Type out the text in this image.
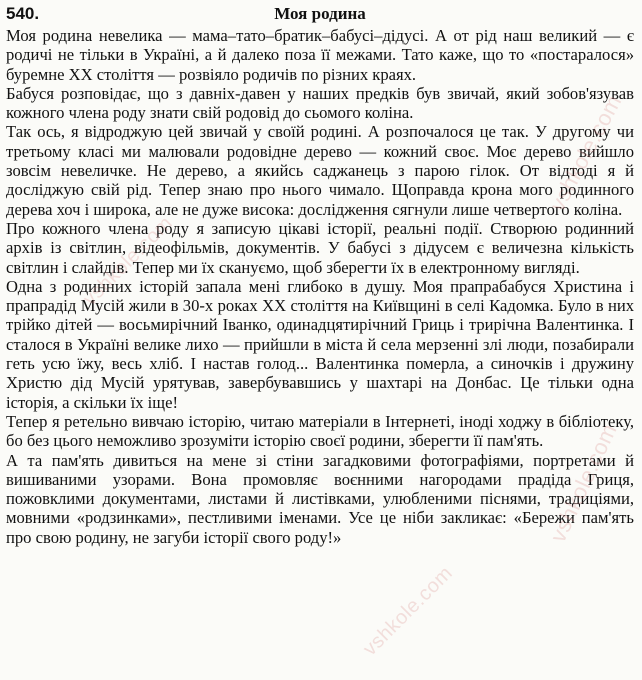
540.	Моя родина

Моя родина невелика — мама–тато–братик–бабусі–дідусі. А от рід наш великий — є родичі не тільки в Україні, а й далеко поза її межами. Тато каже, що то «постаралося» буремне XX століття — розвіяло родичів по різних краях.

Бабуся розповідає, що з давніх-давен у наших предків був звичай, який зобов'язував кожного члена роду знати свій родовід до сьомого коліна.

Так ось, я відроджую цей звичай у своїй родині. А розпочалося це так. У другому чи третьому класі ми малювали родовідне дерево — кожний своє. Моє дерево вийшло зовсім невеличке. Не дерево, а якийсь саджанець з парою гілок. От відтоді я й досліджую свій рід. Тепер знаю про нього чимало. Щоправда крона мого родинного дерева хоч і широка, але не дуже висока: дослідження сягнули лише четвертого коліна.

Про кожного члена роду я записую цікаві історії, реальні події. Створюю родинний архів із світлин, відеофільмів, документів. У бабусі з дідусем є величезна кількість світлин і слайдів. Тепер ми їх скануємо, щоб зберегти їх в електронному вигляді.

Одна з родинних історій запала мені глибоко в душу. Моя прапрабабуся Христина і прапрадід Мусій жили в 30-х роках XX століття на Київщині в селі Кадомка. Було в них трійко дітей — восьмирічний Іванко, одинадцятирічний Гриць і трирічна Валентинка. І сталося в Україні велике лихо — прийшли в міста й села мерзенні злі люди, позабирали геть усю їжу, весь хліб. І настав голод... Валентинка померла, а синочків і дружину Христю дід Мусій урятував, завербувавшись у шахтарі на Донбас. Це тільки одна історія, а скільки їх іще!

Тепер я ретельно вивчаю історію, читаю матеріали в Інтернеті, іноді ходжу в бібліотеку, бо без цього неможливо зрозуміти історію своєї родини, зберегти її пам'ять.

А та пам'ять дивиться на мене зі стіни загадковими фотографіями, портретами й вишиваними узорами. Вона промовляє воєнними нагородами прадіда Гриця, пожовклими документами, листами й листівками, улюбленими піснями, традиціями, мовними «родзинками», пестливими іменами. Усе це ніби закликає: «Бережи пам'ять про свою родину, не загуби історії свого роду!»

vshkole.com
vshkole.com
vshkole.com
vshkole.com
